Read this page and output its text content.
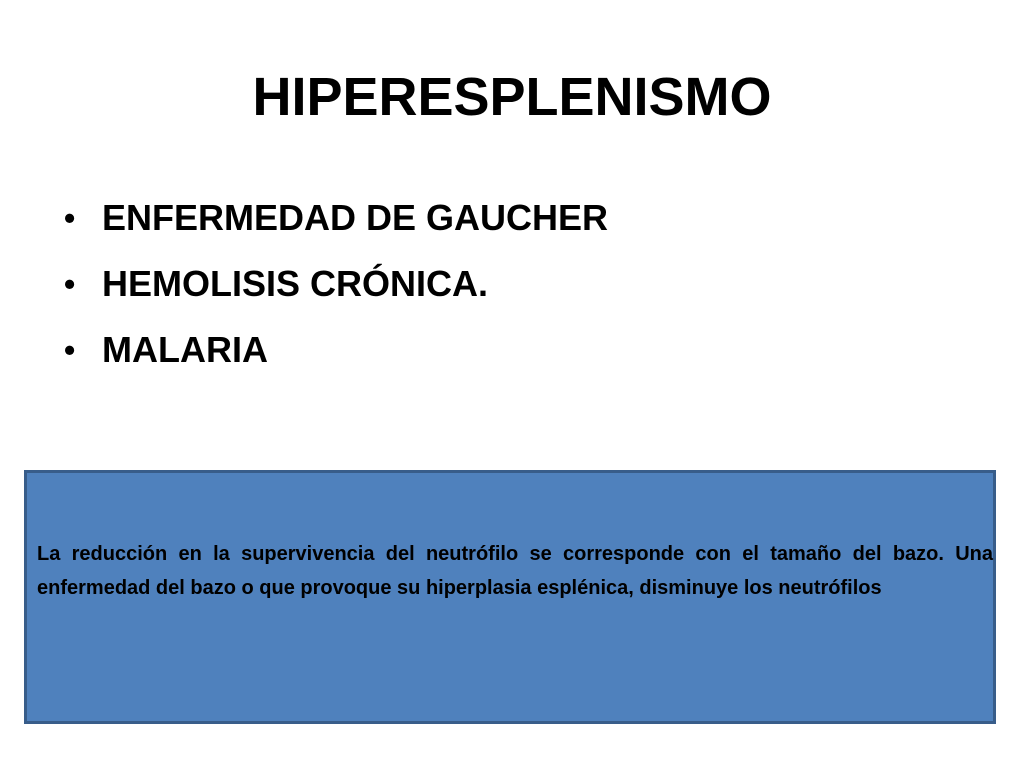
HIPERESPLENISMO
• ENFERMEDAD DE GAUCHER
• HEMOLISIS CRÓNICA.
• MALARIA

La reducción en la supervivencia del neutrófilo se corresponde con el tamaño del bazo. Una enfermedad del bazo o que provoque su hiperplasia esplénica, disminuye los neutrófilos
